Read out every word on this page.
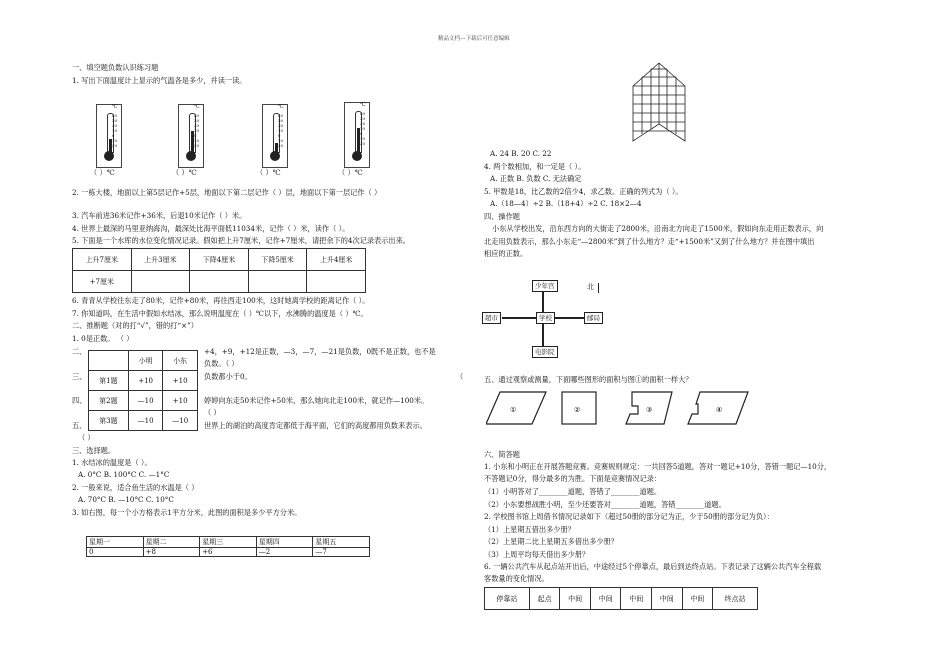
精品文档---下载后可任意编辑
一、填空题负数认识练习题
1. 写出下面温度计上显示的气温各是多少，并读一读。
40
30
20
10
0
10
20
40
30
20
10
0
10
20
40
30
20
10
0
10
20
40
30
20
10
0
10
20
（ ）℃	（ ）℃	（ ）℃	（ ）℃
2. 一栋大楼，地面以上第5层记作+5层，地面以下第二层记作（ ）层，地面以下第一层记作（ ）
3. 汽车前进36米记作+36米，后退10米记作（ ）米。
4. 世界上最深的马里亚纳海沟，最深处比海平面低11034米，记作（ ）米，读作（ ）。
5. 下面是一个水库的水位变化情况记录。假如把上升7厘米，记作+7厘米，请把余下的4次记录表示出来。
上升7厘米	上升3厘米	下降4厘米	下降5厘米	上升4厘米
+7厘米				
6. 青青从学校往东走了80米，记作+80米，再往西走100米，这时她离学校的距离记作（ ）。
7. 你知道吗，在生活中假如水结冰，那么说明温度在（ ）℃以下，水沸腾的温度是（ ）℃。
二、推断题（对的打“√”，错的打“×”）
1. 0是正数。 （ ）
二、	+4，+9，+12是正数，—3，—7，—21是负数，0既不是正数，也不是
负数。（ ）
三、	负数都小于0。	（
四、	婷婷向东走50米记作+50米，那么她向北走100米，就记作—100米。
（ ）
五、	世界上的湖泊的高度肯定都低于海平面，它们的高度都用负数来表示。
（ ）
	小明	小东
第1题	+10	+10
第2题	—10	+10
第3题	—10	—10
三、选择题。
1. 水结冰的温度是（ ）。
A. 0°C B. 100°C C. —1°C
2. 一般来说，适合鱼生活的水温是（ ）
A. 70°C B. —10°C C. 10°C
3. 如右图，每一个小方格表示1平方分米，此图的面积是多少平方分米。
星期一	星期二	星期三	星期四	星期五
0	+8	+6	—2	—7
A. 24 B. 20 C. 22
4. 两个数相加，和一定是（ ）。
A. 正数 B. 负数 C. 无法确定
5. 甲数是18，比乙数的2倍少4，求乙数。正确的列式为（ ）。
A.（18—4）÷2 B.（18+4）÷2 C. 18×2—4
四、操作题
小东从学校出发，沿东西方向的大街走了2800米，沿南北方向走了1500米，假如向东走用正数表示，向
北走用负数表示，那么小东走“—2800米”到了什么地方？走“+1500米”又到了什么地方？并在图中填出
相应的正数。
少年宫	北
超市	学校	邮局
电影院
五、通过观察或测量，下面哪些图形的面积与图①的面积一样大？
①	②	③	④
六、简答题
1. 小东和小明正在开展答题竞赛。竞赛规则规定：一共回答5道题，答对一题记+10分，答错一题记—10分，
不答题记0分，得分最多的为胜。下面是竞赛情况记录：
（1）小明答对了________道题，答错了________道题。
（2）小东要想战胜小明，至少还要答对________道题，答错________道题。
2. 学校图书馆上周借书情况记录如下（超过50册的部分记为正，少于50册的部分记为负）：
（1）上星期五借出多少册？
（2）上星期二比上星期五多借出多少册？
（3）上周平均每天借出多少册？
6. 一辆公共汽车从起点站开出后，中途经过5个停靠点，最后到达终点站。下表记录了这辆公共汽车全程载
客数量的变化情况。
停靠站	起点	中间	中间	中间	中间	中间	终点站
℃	℃	℃	℃
